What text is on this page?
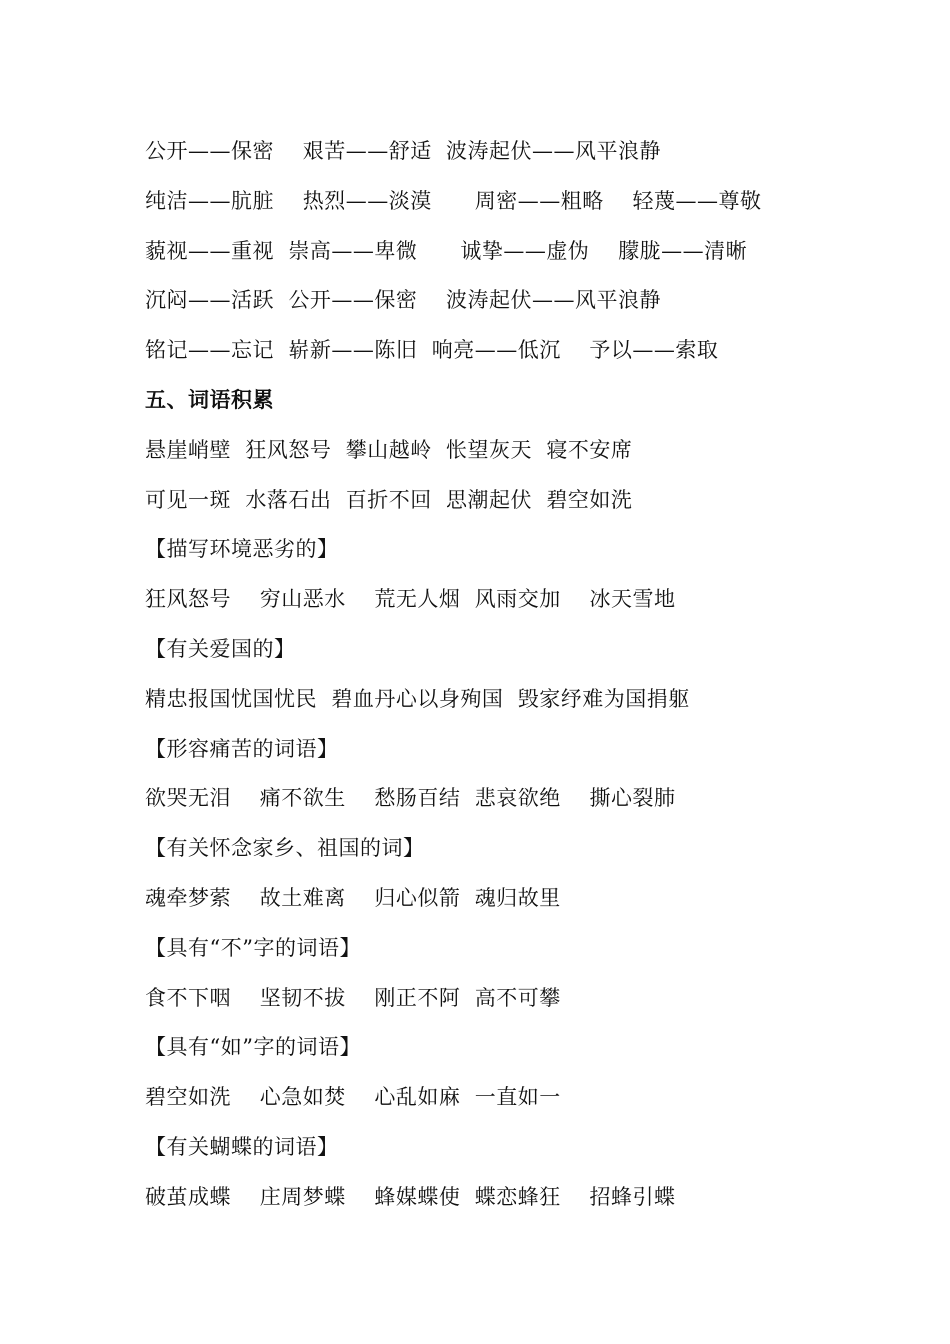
公开——保密    艰苦——舒适  波涛起伏——风平浪静
纯洁——肮脏    热烈——淡漠      周密——粗略    轻蔑——尊敬
藐视——重视  崇高——卑微      诚挚——虚伪    朦胧——清晰
沉闷——活跃  公开——保密    波涛起伏——风平浪静
铭记——忘记  崭新——陈旧  响亮——低沉    予以——索取
五、词语积累
悬崖峭壁  狂风怒号  攀山越岭  怅望灰天  寝不安席
可见一斑  水落石出  百折不回  思潮起伏  碧空如洗
【描写环境恶劣的】
狂风怒号    穷山恶水    荒无人烟  风雨交加    冰天雪地
【有关爱国的】
精忠报国忧国忧民  碧血丹心以身殉国  毁家纾难为国捐躯
【形容痛苦的词语】
欲哭无泪    痛不欲生    愁肠百结  悲哀欲绝    撕心裂肺
【有关怀念家乡、祖国的词】
魂牵梦萦    故土难离    归心似箭  魂归故里
【具有“不”字的词语】
食不下咽    坚韧不拔    刚正不阿  高不可攀
【具有“如”字的词语】
碧空如洗    心急如焚    心乱如麻  一直如一
【有关蝴蝶的词语】
破茧成蝶    庄周梦蝶    蜂媒蝶使  蝶恋蜂狂    招蜂引蝶
